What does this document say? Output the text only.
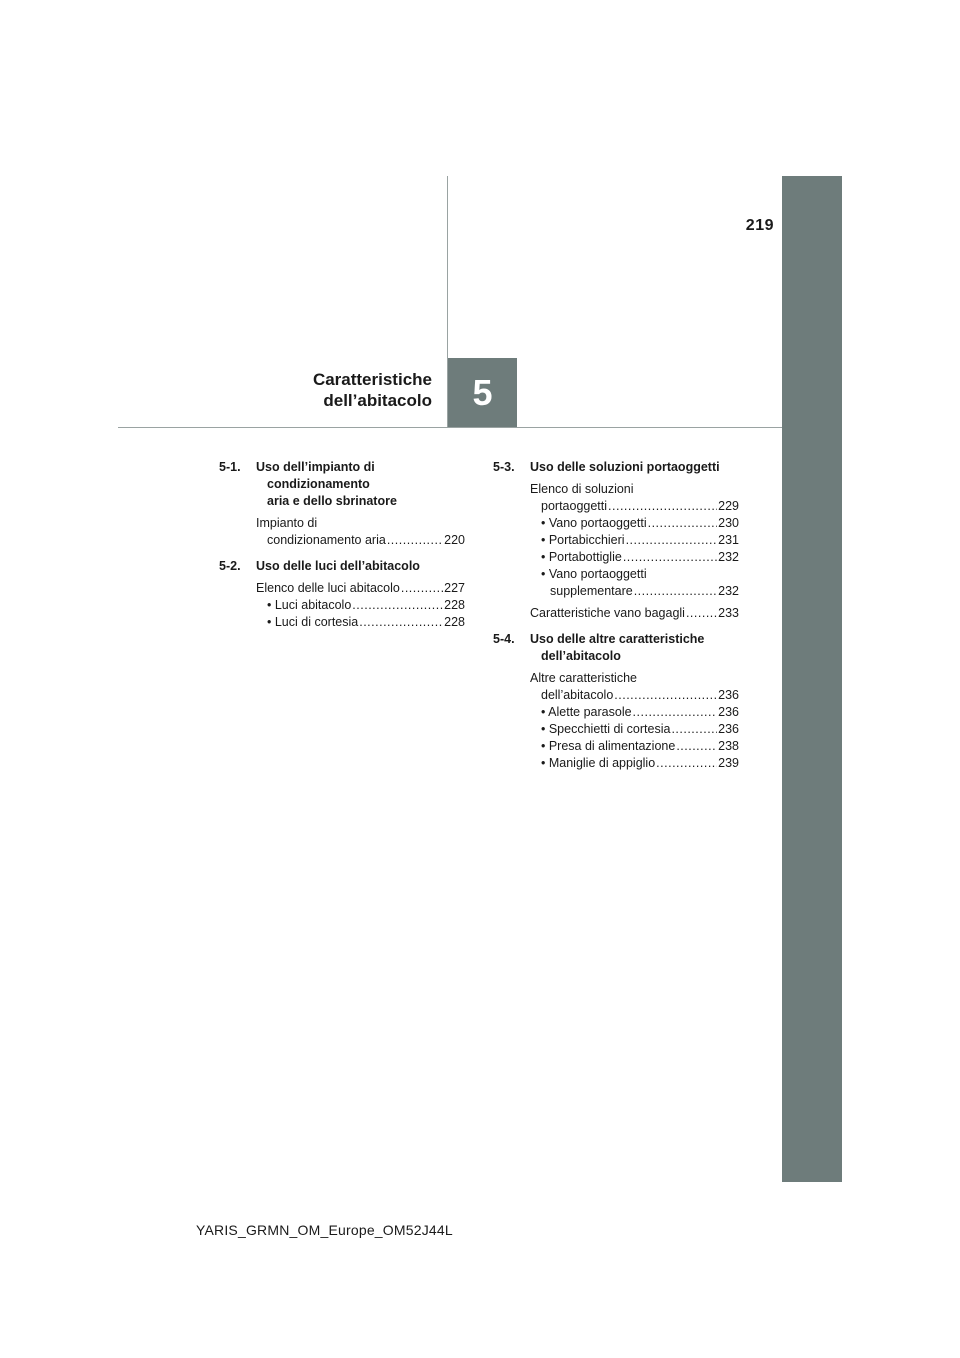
219
5
Caratteristiche
dell’abitacolo
5-1. Uso dell’impianto di
condizionamento
aria e dello sbrinatore
Impianto di
condizionamento aria .....	220
5-2. Uso delle luci dell’abitacolo
Elenco delle luci abitacolo .....	227
• Luci abitacolo .....	228
• Luci di cortesia .....	228
5-3. Uso delle soluzioni portaoggetti
Elenco di soluzioni
portaoggetti .....	229
• Vano portaoggetti .....	230
• Portabicchieri .....	231
• Portabottiglie .....	232
• Vano portaoggetti
supplementare .....	232
Caratteristiche vano bagagli .....	233
5-4. Uso delle altre caratteristiche
dell’abitacolo
Altre caratteristiche
dell’abitacolo .....	236
• Alette parasole .....	236
• Specchietti di cortesia .....	236
• Presa di alimentazione .....	238
• Maniglie di appiglio .....	239
YARIS_GRMN_OM_Europe_OM52J44L
